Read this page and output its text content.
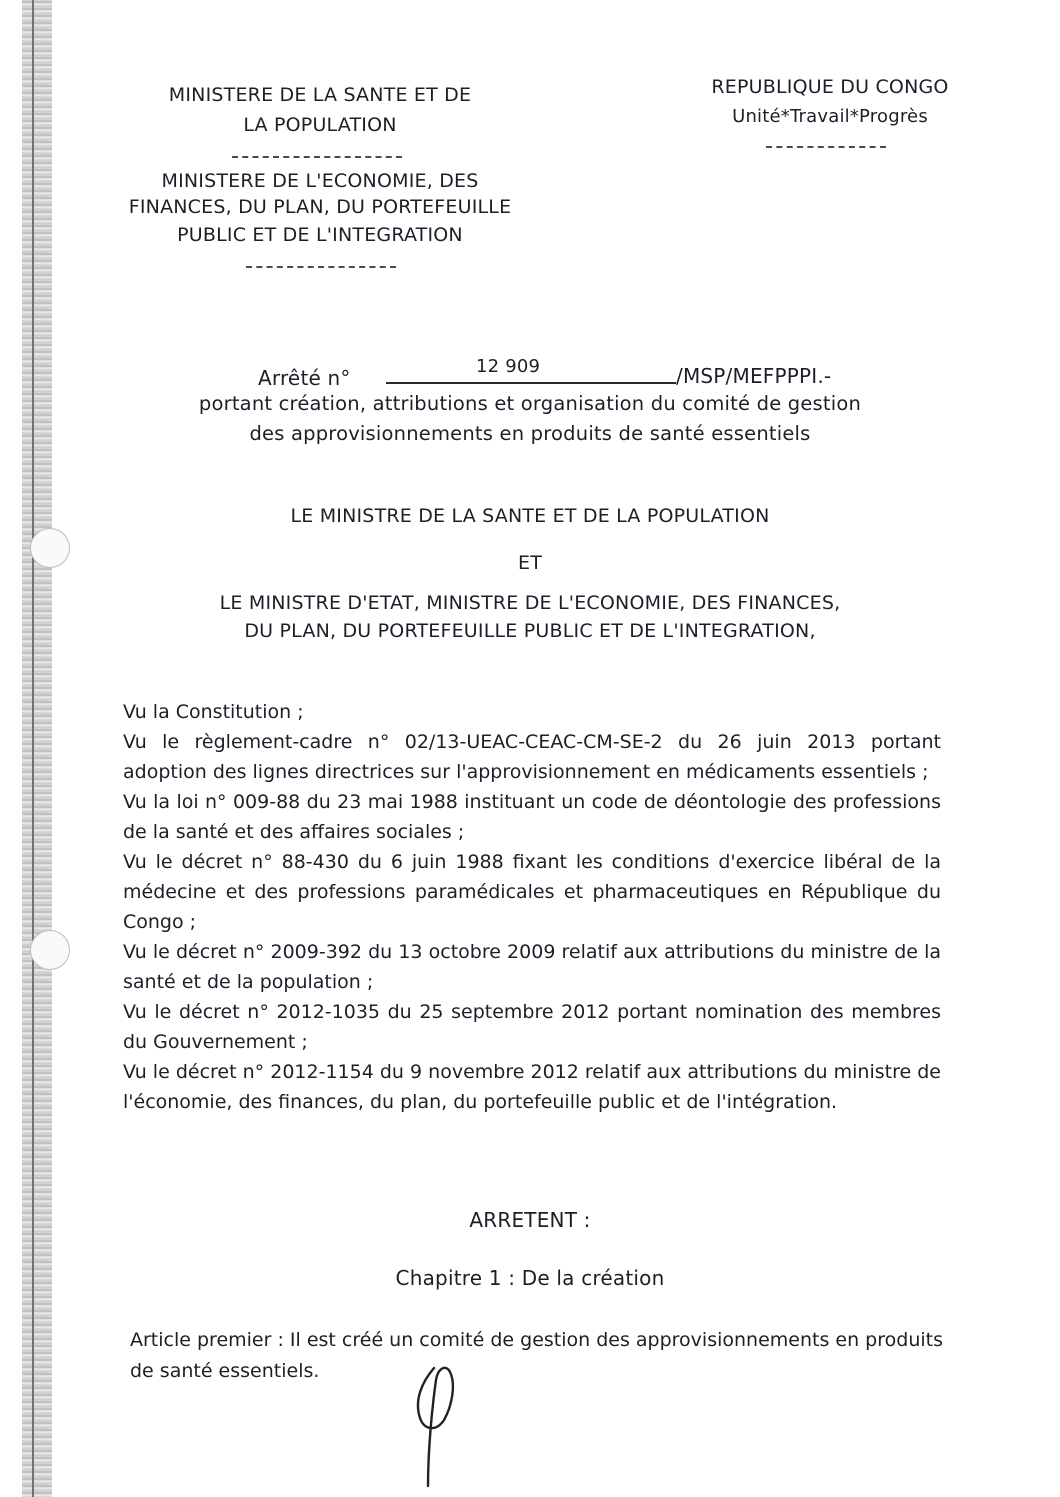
MINISTERE DE LA SANTE ET DE
LA POPULATION
MINISTERE DE L'ECONOMIE, DES
FINANCES, DU PLAN, DU PORTEFEUILLE
PUBLIC ET DE L'INTEGRATION
REPUBLIQUE DU CONGO
Unité*Travail*Progrès
Arrêté n°	12 909	/MSP/MEFPPPI.-
portant création, attributions et organisation du comité de gestion
des approvisionnements en produits de santé essentiels
LE MINISTRE DE LA SANTE ET DE LA POPULATION
ET
LE MINISTRE D'ETAT, MINISTRE DE L'ECONOMIE, DES FINANCES,
DU PLAN, DU PORTEFEUILLE PUBLIC ET DE L'INTEGRATION,

Vu la Constitution ;

Vu le règlement-cadre n° 02/13-UEAC-CEAC-CM-SE-2 du 26 juin 2013 portant adoption des lignes directrices sur l'approvisionnement en médicaments essentiels ;

Vu la loi n° 009-88 du 23 mai 1988 instituant un code de déontologie des professions de la santé et des affaires sociales ;

Vu le décret n° 88-430 du 6 juin 1988 fixant les conditions d'exercice libéral de la médecine et des professions paramédicales et pharmaceutiques en République du Congo ;

Vu le décret n° 2009-392 du 13 octobre 2009 relatif aux attributions du ministre de la santé et de la population ;

Vu le décret n° 2012-1035 du 25 septembre 2012 portant nomination des membres du Gouvernement ;

Vu le décret n° 2012-1154 du 9 novembre 2012 relatif aux attributions du ministre de l'économie, des finances, du plan, du portefeuille public et de l'intégration.

ARRETENT :
Chapitre 1 : De la création
Article premier : Il est créé un comité de gestion des approvisionnements en produits de santé essentiels.
